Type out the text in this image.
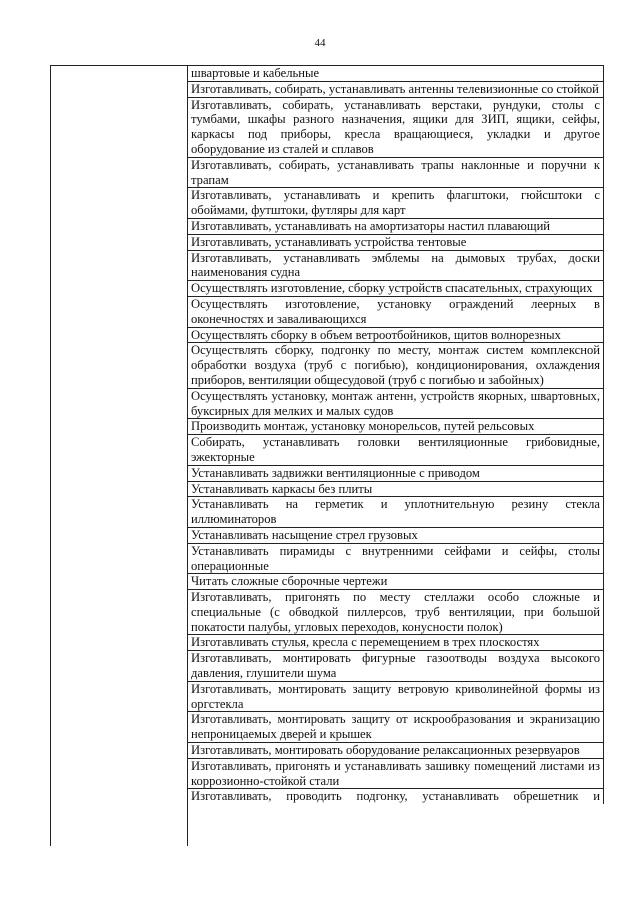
44
швартовые и кабельные
Изготавливать, собирать, устанавливать антенны телевизионные со стойкой
Изготавливать, собирать, устанавливать верстаки, рундуки, столы с тумбами, шкафы разного назначения, ящики для ЗИП, ящики, сейфы, каркасы под приборы, кресла вращающиеся, укладки и другое оборудование из сталей и сплавов
Изготавливать, собирать, устанавливать трапы наклонные и поручни к трапам
Изготавливать, устанавливать и крепить флагштоки, гюйсштоки с обоймами, футштоки, футляры для карт
Изготавливать, устанавливать на амортизаторы настил плавающий
Изготавливать, устанавливать устройства тентовые
Изготавливать, устанавливать эмблемы на дымовых трубах, доски наименования судна
Осуществлять изготовление, сборку устройств спасательных, страхующих
Осуществлять изготовление, установку ограждений леерных в оконечностях и заваливающихся
Осуществлять сборку в объем ветроотбойников, щитов волнорезных
Осуществлять сборку, подгонку по месту, монтаж систем комплексной обработки воздуха (труб с погибью), кондиционирования, охлаждения приборов, вентиляции общесудовой (труб с погибью и забойных)
Осуществлять установку, монтаж антенн, устройств якорных, швартовных, буксирных для мелких и малых судов
Производить монтаж, установку монорельсов, путей рельсовых
Собирать, устанавливать головки вентиляционные грибовидные, эжекторные
Устанавливать задвижки вентиляционные с приводом
Устанавливать каркасы без плиты
Устанавливать на герметик и уплотнительную резину стекла иллюминаторов
Устанавливать насыщение стрел грузовых
Устанавливать пирамиды с внутренними сейфами и сейфы, столы операционные
Читать сложные сборочные чертежи
Изготавливать, пригонять по месту стеллажи особо сложные и специальные (с обводкой пиллерсов, труб вентиляции, при большой покатости палубы, угловых переходов, конусности полок)
Изготавливать стулья, кресла с перемещением в трех плоскостях
Изготавливать, монтировать фигурные газоотводы воздуха высокого давления, глушители шума
Изготавливать, монтировать защиту ветровую криволинейной формы из оргстекла
Изготавливать, монтировать защиту от искрообразования и экранизацию непроницаемых дверей и крышек
Изготавливать, монтировать оборудование релаксационных резервуаров
Изготавливать, пригонять и устанавливать зашивку помещений листами из коррозионно-стойкой стали
Изготавливать, проводить подгонку, устанавливать обрешетник и
